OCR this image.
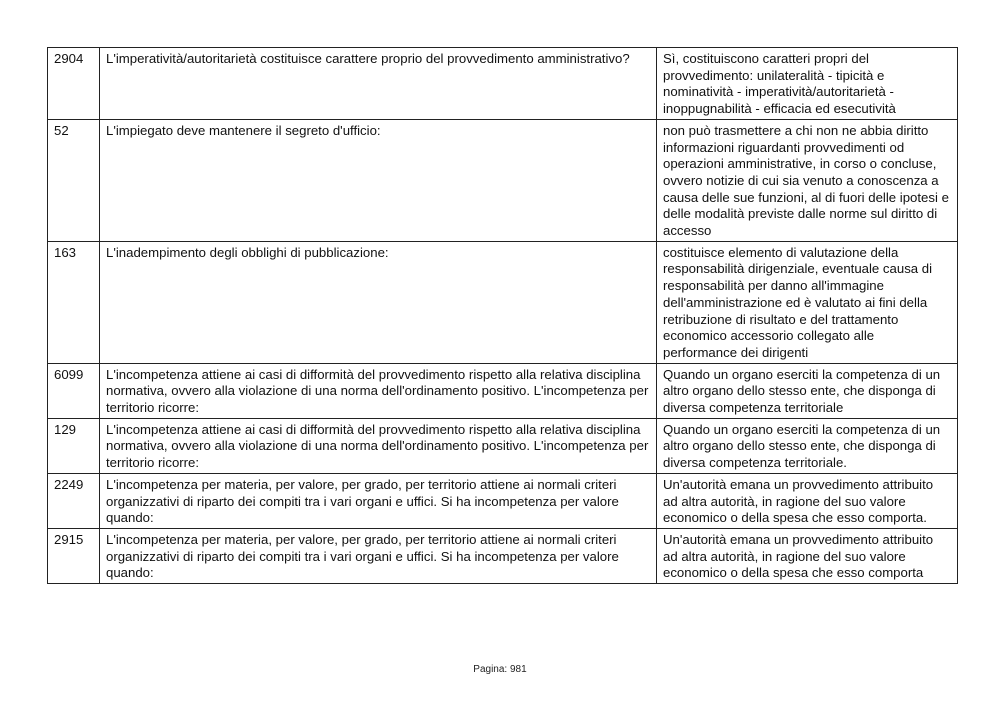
2904	L'imperatività/autoritarietà costituisce carattere proprio del provvedimento amministrativo?	Sì, costituiscono caratteri propri del provvedimento: unilateralità - tipicità e nominatività - imperatività/autoritarietà - inoppugnabilità - efficacia ed esecutività
52	L'impiegato deve mantenere il segreto d'ufficio:	non può trasmettere a chi non ne abbia diritto informazioni riguardanti provvedimenti od operazioni amministrative, in corso o concluse, ovvero notizie di cui sia venuto a conoscenza a causa delle sue funzioni, al di fuori delle ipotesi e delle modalità previste dalle norme sul diritto di accesso
163	L'inadempimento degli obblighi di pubblicazione:	costituisce elemento di valutazione della responsabilità dirigenziale, eventuale causa di responsabilità per danno all'immagine dell'amministrazione ed è valutato ai fini della retribuzione di risultato e del trattamento economico accessorio collegato alle performance dei dirigenti
6099	L'incompetenza attiene ai casi di difformità del provvedimento rispetto alla relativa disciplina normativa, ovvero alla violazione di una norma dell'ordinamento positivo. L'incompetenza per territorio ricorre:	Quando un organo eserciti la competenza di un altro organo dello stesso ente, che disponga di diversa competenza territoriale
129	L'incompetenza attiene ai casi di difformità del provvedimento rispetto alla relativa disciplina normativa, ovvero alla violazione di una norma dell'ordinamento positivo. L'incompetenza per territorio ricorre:	Quando un organo eserciti la competenza di un altro organo dello stesso ente, che disponga di diversa competenza territoriale.
2249	L'incompetenza per materia, per valore, per grado, per territorio attiene ai normali criteri organizzativi di riparto dei compiti tra i vari organi e uffici. Si ha incompetenza per valore quando:	Un'autorità emana un provvedimento attribuito ad altra autorità, in ragione del suo valore economico o della spesa che esso comporta.
2915	L'incompetenza per materia, per valore, per grado, per territorio attiene ai normali criteri organizzativi di riparto dei compiti tra i vari organi e uffici. Si ha incompetenza per valore quando:	Un'autorità emana un provvedimento attribuito ad altra autorità, in ragione del suo valore economico o della spesa che esso comporta
Pagina: 981
